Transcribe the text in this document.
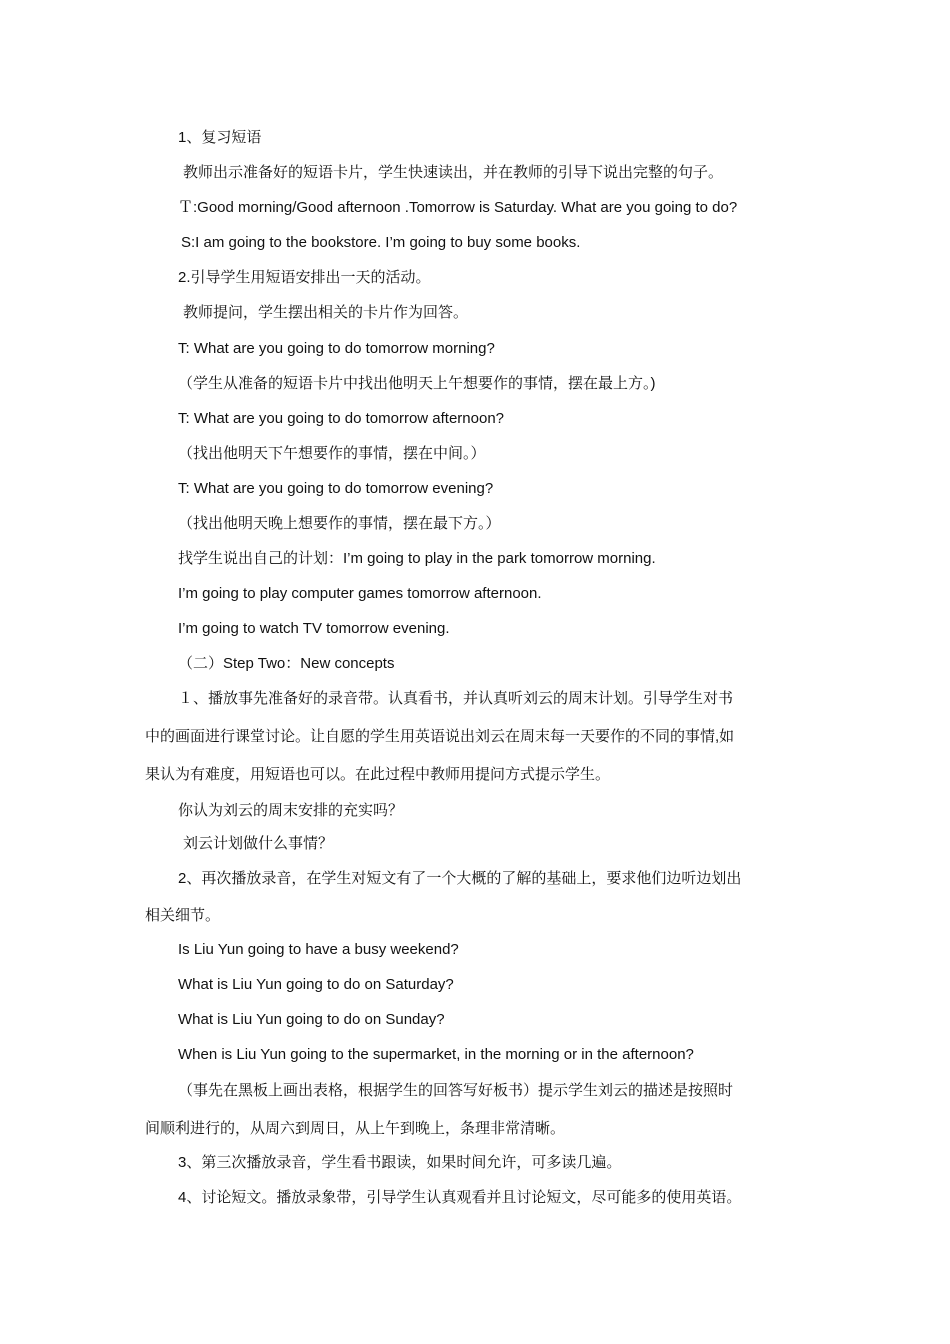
1、复习短语
教师出示准备好的短语卡片，学生快速读出，并在教师的引导下说出完整的句子。
Ｔ:Good morning/Good afternoon .Tomorrow is Saturday. What are you going to do?
S:I am going to the bookstore. I’m going to buy some books.
2.引导学生用短语安排出一天的活动。
教师提问，学生摆出相关的卡片作为回答。
T: What are you going to do tomorrow morning?
（学生从准备的短语卡片中找出他明天上午想要作的事情，摆在最上方。)
T: What are you going to do tomorrow afternoon?
（找出他明天下午想要作的事情，摆在中间。）
T: What are you going to do tomorrow evening?
（找出他明天晚上想要作的事情，摆在最下方。）
找学生说出自己的计划：I’m going to play in the park tomorrow morning.
I’m going to play computer games tomorrow afternoon.
I’m going to watch TV tomorrow evening.
（二）Step Two：New concepts
１、播放事先准备好的录音带。认真看书，并认真听刘云的周末计划。引导学生对书
中的画面进行课堂讨论。让自愿的学生用英语说出刘云在周末每一天要作的不同的事情,如
果认为有难度，用短语也可以。在此过程中教师用提问方式提示学生。
你认为刘云的周末安排的充实吗？
刘云计划做什么事情？
2、再次播放录音，在学生对短文有了一个大概的了解的基础上，要求他们边听边划出
相关细节。
Is Liu Yun going to have a busy weekend?
What is Liu Yun going to do on Saturday?
What is Liu Yun going to do on Sunday?
When is Liu Yun going to the supermarket, in the morning or in the afternoon?
（事先在黑板上画出表格，根据学生的回答写好板书）提示学生刘云的描述是按照时
间顺利进行的，从周六到周日，从上午到晚上，条理非常清晰。
3、第三次播放录音，学生看书跟读，如果时间允许，可多读几遍。
4、讨论短文。播放录象带，引导学生认真观看并且讨论短文，尽可能多的使用英语。
